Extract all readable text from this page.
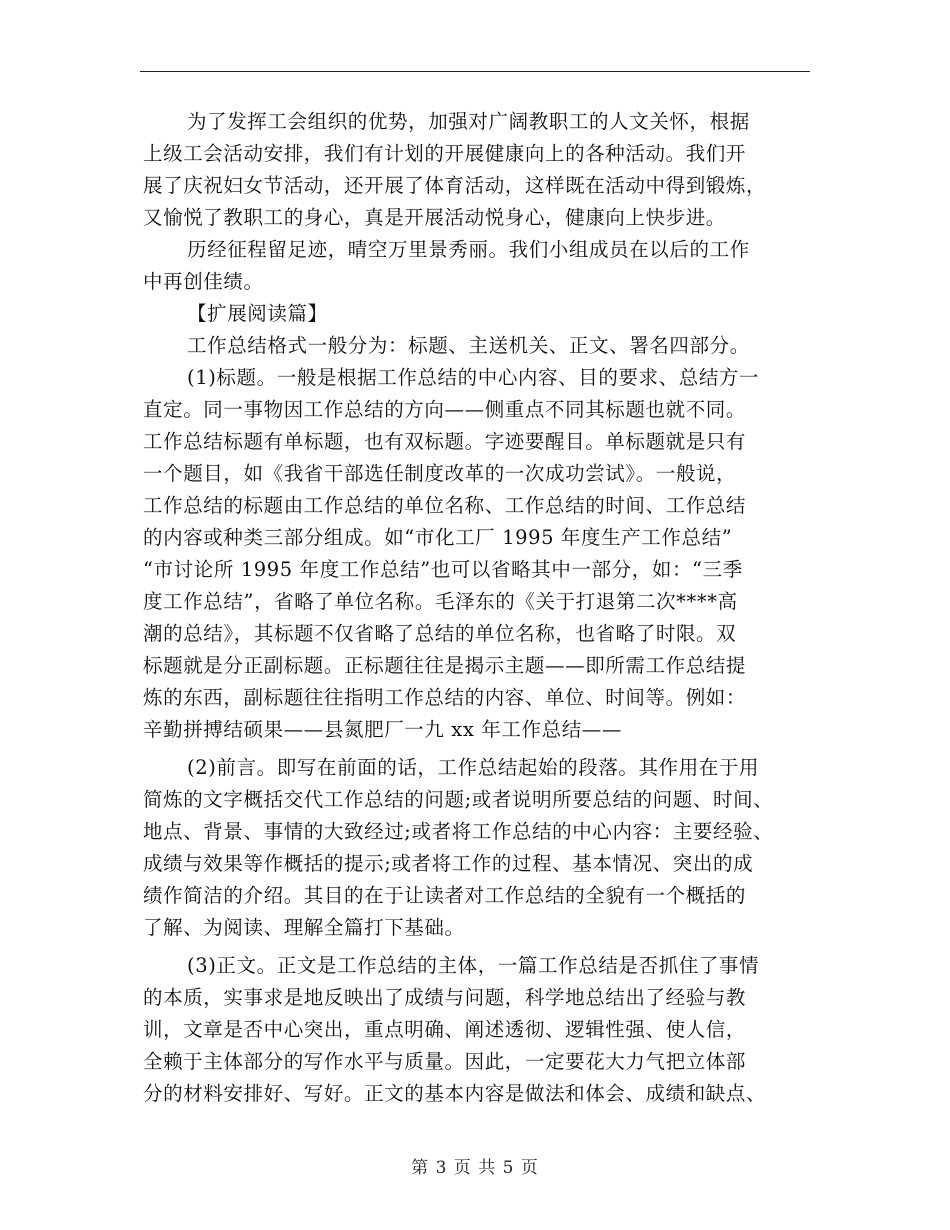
为了发挥工会组织的优势，加强对广阔教职工的人文关怀，根据
上级工会活动安排，我们有计划的开展健康向上的各种活动。我们开
展了庆祝妇女节活动，还开展了体育活动，这样既在活动中得到锻炼，
又愉悦了教职工的身心，真是开展活动悦身心，健康向上快步进。
历经征程留足迹，晴空万里景秀丽。我们小组成员在以后的工作
中再创佳绩。
【扩展阅读篇】
工作总结格式一般分为：标题、主送机关、正文、署名四部分。
(1)标题。一般是根据工作总结的中心内容、目的要求、总结方一
直定。同一事物因工作总结的方向——侧重点不同其标题也就不同。
工作总结标题有单标题，也有双标题。字迹要醒目。单标题就是只有
一个题目，如《我省干部选任制度改革的一次成功尝试》。一般说，
工作总结的标题由工作总结的单位名称、工作总结的时间、工作总结
的内容或种类三部分组成。如“市化工厂 1995 年度生产工作总结”
“市讨论所 1995 年度工作总结”也可以省略其中一部分，如：“三季
度工作总结”，省略了单位名称。毛泽东的《关于打退第二次****高
潮的总结》，其标题不仅省略了总结的单位名称，也省略了时限。双
标题就是分正副标题。正标题往往是揭示主题——即所需工作总结提
炼的东西，副标题往往指明工作总结的内容、单位、时间等。例如：
辛勤拼搏结硕果——县氮肥厂一九 xx 年工作总结——
(2)前言。即写在前面的话，工作总结起始的段落。其作用在于用
简炼的文字概括交代工作总结的问题;或者说明所要总结的问题、时间、
地点、背景、事情的大致经过;或者将工作总结的中心内容：主要经验、
成绩与效果等作概括的提示;或者将工作的过程、基本情况、突出的成
绩作简洁的介绍。其目的在于让读者对工作总结的全貌有一个概括的
了解、为阅读、理解全篇打下基础。
(3)正文。正文是工作总结的主体，一篇工作总结是否抓住了事情
的本质，实事求是地反映出了成绩与问题，科学地总结出了经验与教
训，文章是否中心突出，重点明确、阐述透彻、逻辑性强、使人信，
全赖于主体部分的写作水平与质量。因此，一定要花大力气把立体部
分的材料安排好、写好。正文的基本内容是做法和体会、成绩和缺点、
第 3 页 共 5 页
